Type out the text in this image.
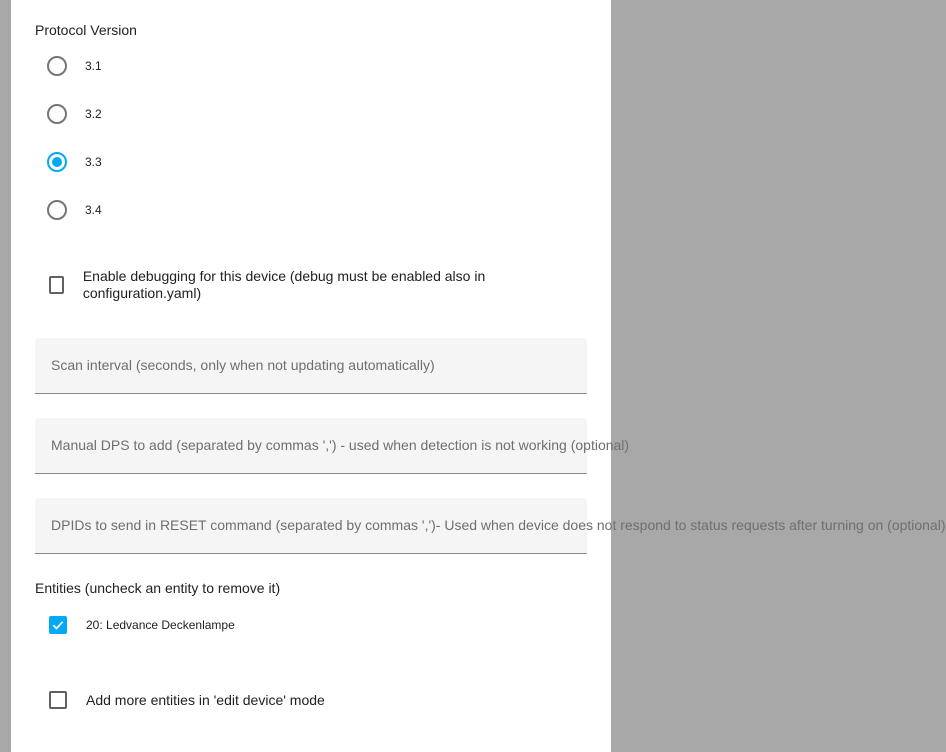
Protocol Version
3.1
3.2
3.3
3.4
Enable debugging for this device (debug must be enabled also in configuration.yaml)
Scan interval (seconds, only when not updating automatically)
Manual DPS to add (separated by commas ',') - used when detection is not working (optional)
DPIDs to send in RESET command (separated by commas ',')- Used when device does not respond to status requests after turning on (optional)
Entities (uncheck an entity to remove it)
20: Ledvance Deckenlampe
Add more entities in 'edit device' mode
